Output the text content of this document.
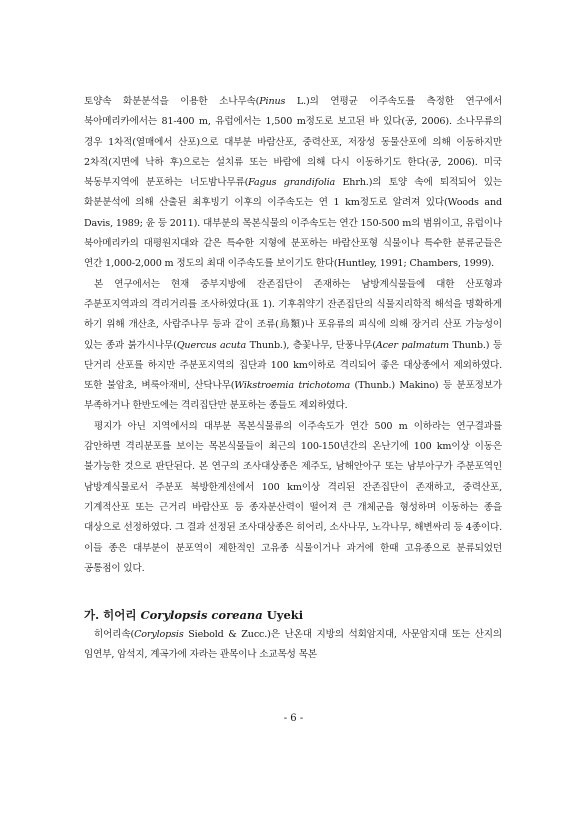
토양속 화분분석을 이용한 소나무속(Pinus L.)의 연평균 이주속도를 측정한 연구에서 북아메리카에서는 81-400 m, 유럽에서는 1,500 m정도로 보고된 바 있다(공, 2006). 소나무류의 경우 1차적(열매에서 산포)으로 대부분 바람산포, 중력산포, 저장성 동물산포에 의해 이동하지만 2차적(지면에 낙하 후)으로는 설치류 또는 바람에 의해 다시 이동하기도 한다(공, 2006). 미국 북동부지역에 분포하는 너도밤나무류(Fagus grandifolia Ehrh.)의 토양 속에 퇴적되어 있는 화분분석에 의해 산출된 최후빙기 이후의 이주속도는 연 1 km정도로 알려져 있다(Woods and Davis, 1989; 윤 등 2011). 대부분의 목본식물의 이주속도는 연간 150-500 m의 범위이고, 유럽이나 북아메리카의 대평원지대와 같은 특수한 지형에 분포하는 바람산포형 식물이나 특수한 분류군들은 연간 1,000-2,000 m 정도의 최대 이주속도를 보이기도 한다(Huntley, 1991; Chambers, 1999).

본 연구에서는 현재 중부지방에 잔존집단이 존재하는 남방계식물들에 대한 산포형과 주분포지역과의 격리거리를 조사하였다(표 1). 기후취약기 잔존집단의 식물지리학적 해석을 명확하게 하기 위해 개산초, 사람주나무 등과 같이 조류(鳥類)나 포유류의 피식에 의해 장거리 산포 가능성이 있는 종과 붉가시나무(Quercus acuta Thunb.), 층꽃나무, 단풍나무(Acer palmatum Thunb.) 등 단거리 산포를 하지만 주분포지역의 집단과 100 km이하로 격리되어 좋은 대상종에서 제외하였다. 또한 불암초, 벼룩아재비, 산닥나무(Wikstroemia trichotoma (Thunb.) Makino) 등 분포정보가 부족하거나 한반도에는 격리집단만 분포하는 종들도 제외하였다.

평지가 아닌 지역에서의 대부분 목본식물류의 이주속도가 연간 500 m 이하라는 연구결과를 감안하면 격리분포를 보이는 목본식물들이 최근의 100-150년간의 온난기에 100 km이상 이동은 불가능한 것으로 판단된다. 본 연구의 조사대상종은 제주도, 남해안아구 또는 남부아구가 주분포역인 남방계식물로서 주분포 북방한계선에서 100 km이상 격리된 잔존집단이 존재하고, 중력산포, 기계적산포 또는 근거리 바람산포 등 종자분산력이 떨어져 큰 개체군을 형성하며 이동하는 종을 대상으로 선정하였다. 그 결과 선정된 조사대상종은 히어리, 소사나무, 노각나무, 해변싸리 등 4종이다. 이들 종은 대부분이 분포역이 제한적인 고유종 식물이거나 과거에 한때 고유종으로 분류되었던 공통점이 있다.

가. 히어리 Corylopsis coreana Uyeki

히어리속(Corylopsis Siebold & Zucc.)은 난온대 지방의 석회암지대, 사문암지대 또는 산지의 임연부, 암석지, 계곡가에 자라는 관목이나 소교목성 목본

- 6 -
